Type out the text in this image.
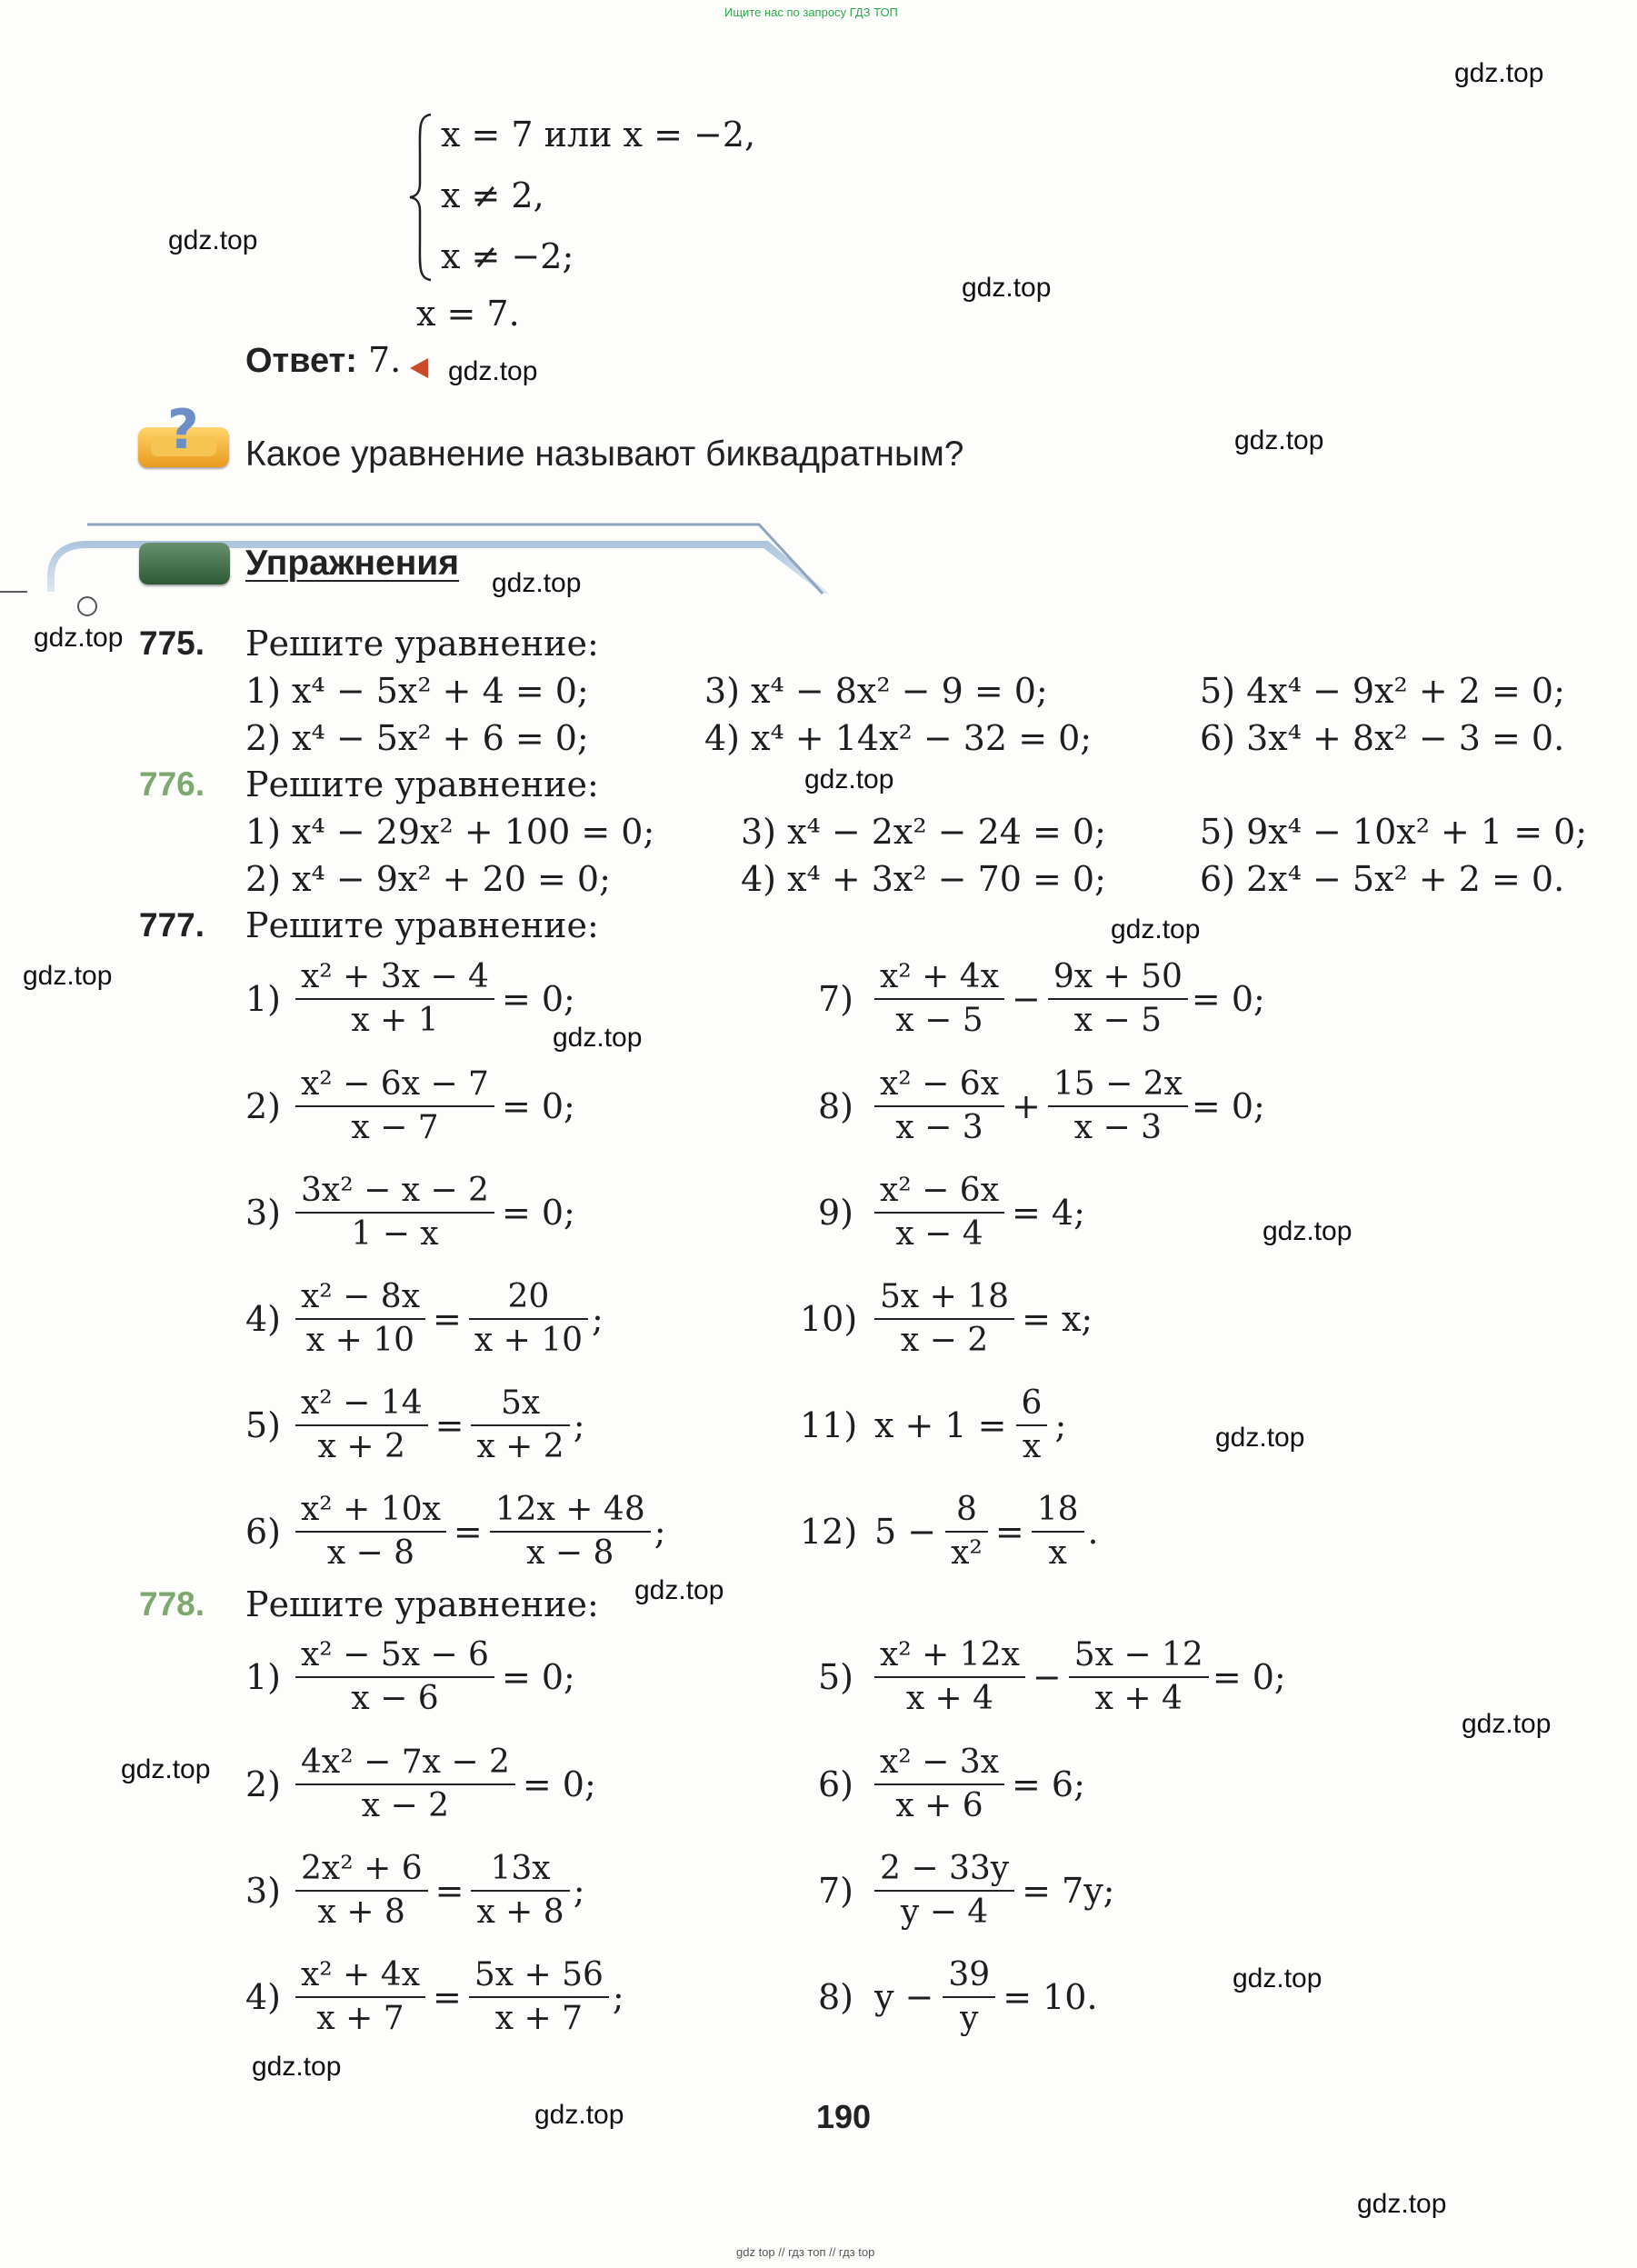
Ищите нас по запросу ГДЗ ТОП
gdz top // гдз топ // гдз top
gdz.top
gdz.top
gdz.top
gdz.top
gdz.top
gdz.top
gdz.top
gdz.top
gdz.top
gdz.top
gdz.top
gdz.top
gdz.top
gdz.top
gdz.top
gdz.top
gdz.top
gdz.top
gdz.top
gdz.top
x = 7 или x = −2,
x ≠ 2,
x ≠ −2;
x = 7.
Ответ: 7.
? Какое уравнение называют биквадратным?
Упражнения
775. Решите уравнение:
1) x⁴ − 5x² + 4 = 0;
2) x⁴ − 5x² + 6 = 0;
3) x⁴ − 8x² − 9 = 0;
4) x⁴ + 14x² − 32 = 0;
5) 4x⁴ − 9x² + 2 = 0;
6) 3x⁴ + 8x² − 3 = 0.
776. Решите уравнение:
1) x⁴ − 29x² + 100 = 0;
2) x⁴ − 9x² + 20 = 0;
3) x⁴ − 2x² − 24 = 0;
4) x⁴ + 3x² − 70 = 0;
5) 9x⁴ − 10x² + 1 = 0;
6) 2x⁴ − 5x² + 2 = 0.
777. Решите уравнение:
$1) \frac{\text{x² + 3x − 4}}{x + 1} = 0$;
$2) \frac{\text{x² − 6x − 7}}{x - 7} = 0$;
$3) \frac{\text{3x² − x − 2}}{1 - x} = 0$;
$4) \frac{\text{x² − 8x}}{x + 10} = \frac{20}{x + 10}$ ;
$5) \frac{\text{x² − 14}}{x + 2} = \frac{5x}{x + 2}$ ;
$6) \frac{\text{x² + 10x}}{x - 8} = \frac{12x + 48}{x - 8}$ ;
$7) \frac{\text{x² + 4x}}{x - 5} - \frac{9x + 50}{x - 5} = 0$;
$8) \frac{\text{x² − 6x}}{x - 3} + \frac{15 - 2x}{x - 3} = 0$;
$9) \frac{\text{x² − 6x}}{x - 4} = 4$;
$10) \frac{5x + 18}{x - 2} = x$;
11) $x + 1 = \frac{6}{x}$ ;
12) $5 - \frac{8}{\text{x²}} = \frac{18}{x}$ .
778. Решите уравнение:
$1) \frac{\text{x² − 5x − 6}}{x - 6} = 0$;
$2) \frac{\text{4x² − 7x − 2}}{x - 2} = 0$;
$3) \frac{\text{2x² + 6}}{x + 8} = \frac{13x}{x + 8}$ ;
$4) \frac{\text{x² + 4x}}{x + 7} = \frac{5x + 56}{x + 7}$ ;
$5) \frac{\text{x² + 12x}}{x + 4} - \frac{5x - 12}{x + 4} = 0$;
$6) \frac{\text{x² − 3x}}{x + 6} = 6$;
$7) \frac{2 - 33y}{y - 4} = 7y$;
8) $y - \frac{39}{y} = 10$.
190
